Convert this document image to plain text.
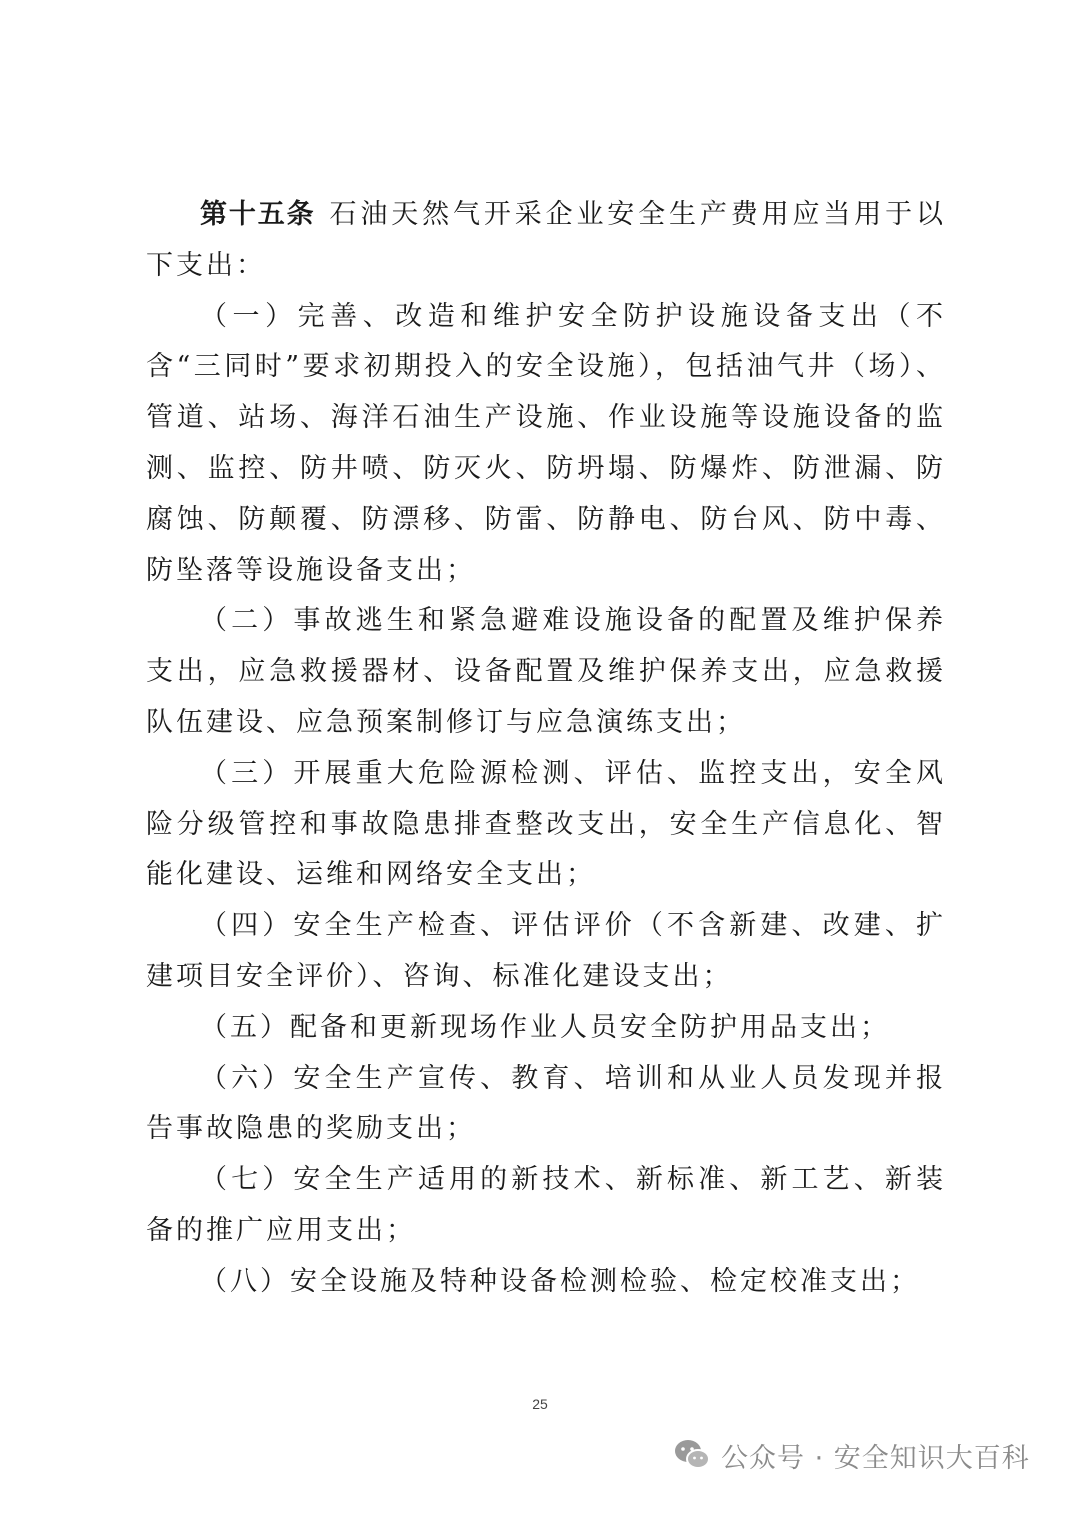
第十五条 石油天然气开采企业安全生产费用应当用于以下支出：

（一）完善、改造和维护安全防护设施设备支出（不含“三同时”要求初期投入的安全设施），包括油气井（场）、管道、站场、海洋石油生产设施、作业设施等设施设备的监测、监控、防井喷、防灭火、防坍塌、防爆炸、防泄漏、防腐蚀、防颠覆、防漂移、防雷、防静电、防台风、防中毒、防坠落等设施设备支出；

（二）事故逃生和紧急避难设施设备的配置及维护保养支出，应急救援器材、设备配置及维护保养支出，应急救援队伍建设、应急预案制修订与应急演练支出；

（三）开展重大危险源检测、评估、监控支出，安全风险分级管控和事故隐患排查整改支出，安全生产信息化、智能化建设、运维和网络安全支出；

（四）安全生产检查、评估评价（不含新建、改建、扩建项目安全评价）、咨询、标准化建设支出；

（五）配备和更新现场作业人员安全防护用品支出；

（六）安全生产宣传、教育、培训和从业人员发现并报告事故隐患的奖励支出；

（七）安全生产适用的新技术、新标准、新工艺、新装备的推广应用支出；

（八）安全设施及特种设备检测检验、检定校准支出；

25
公众号 · 安全知识大百科
